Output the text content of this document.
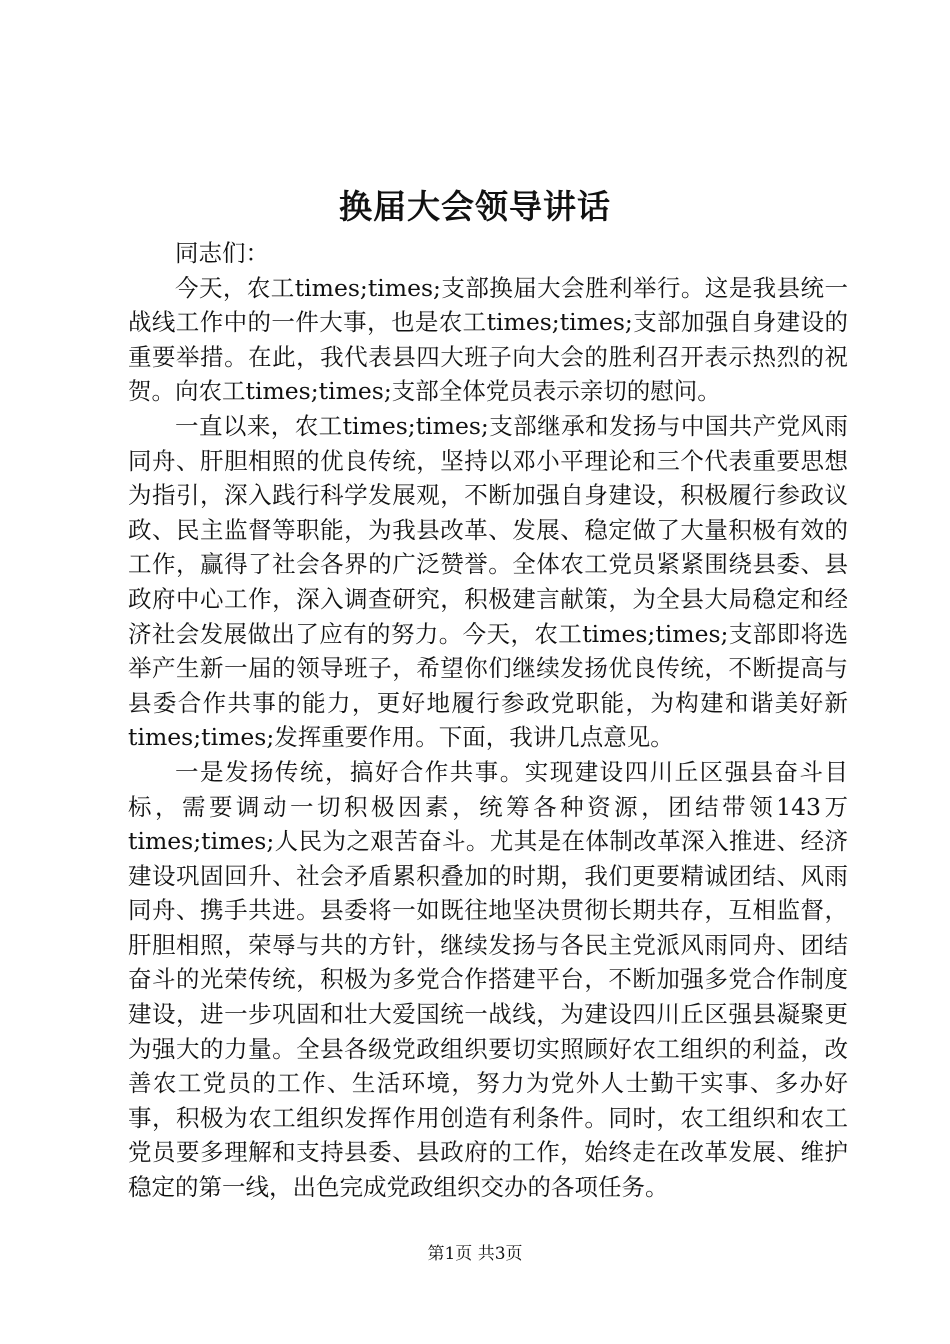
换届大会领导讲话

同志们：

今天，农工times;times;支部换届大会胜利举行。这是我县统一战线工作中的一件大事，也是农工times;times;支部加强自身建设的重要举措。在此，我代表县四大班子向大会的胜利召开表示热烈的祝贺。向农工times;times;支部全体党员表示亲切的慰问。

一直以来，农工times;times;支部继承和发扬与中国共产党风雨同舟、肝胆相照的优良传统，坚持以邓小平理论和三个代表重要思想为指引，深入践行科学发展观，不断加强自身建设，积极履行参政议政、民主监督等职能，为我县改革、发展、稳定做了大量积极有效的工作，赢得了社会各界的广泛赞誉。全体农工党员紧紧围绕县委、县政府中心工作，深入调查研究，积极建言献策，为全县大局稳定和经济社会发展做出了应有的努力。今天，农工times;times;支部即将选举产生新一届的领导班子，希望你们继续发扬优良传统，不断提高与县委合作共事的能力，更好地履行参政党职能，为构建和谐美好新times;times;发挥重要作用。下面，我讲几点意见。

一是发扬传统，搞好合作共事。实现建设四川丘区强县奋斗目标，需要调动一切积极因素，统筹各种资源，团结带领143万times;times;人民为之艰苦奋斗。尤其是在体制改革深入推进、经济建设巩固回升、社会矛盾累积叠加的时期，我们更要精诚团结、风雨同舟、携手共进。县委将一如既往地坚决贯彻长期共存，互相监督，肝胆相照，荣辱与共的方针，继续发扬与各民主党派风雨同舟、团结奋斗的光荣传统，积极为多党合作搭建平台，不断加强多党合作制度建设，进一步巩固和壮大爱国统一战线，为建设四川丘区强县凝聚更为强大的力量。全县各级党政组织要切实照顾好农工组织的利益，改善农工党员的工作、生活环境，努力为党外人士勤干实事、多办好事，积极为农工组织发挥作用创造有利条件。同时，农工组织和农工党员要多理解和支持县委、县政府的工作，始终走在改革发展、维护稳定的第一线，出色完成党政组织交办的各项任务。

第1页 共3页
